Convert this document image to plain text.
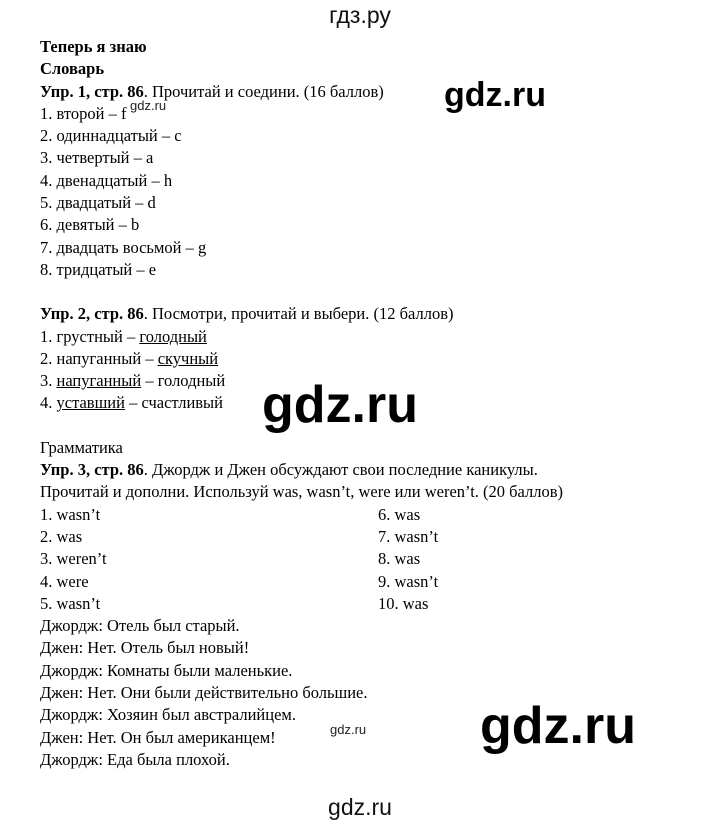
гдз.ру
Теперь я знаю
Словарь
Упр. 1, стр. 86. Прочитай и соедини. (16 баллов)
1. второй – f
2. одиннадцатый – c
3. четвертый – a
4. двенадцатый – h
5. двадцатый – d
6. девятый – b
7. двадцать восьмой – g
8. тридцатый – e
Упр. 2, стр. 86. Посмотри, прочитай и выбери. (12 баллов)
1. грустный – голодный
2. напуганный – скучный
3. напуганный – голодный
4. уставший – счастливый
Грамматика
Упр. 3, стр. 86. Джордж и Джен обсуждают свои последние каникулы.
Прочитай и дополни. Используй was, wasn’t, were или weren’t. (20 баллов)
1. wasn’t	6. was
2. was	7. wasn’t
3. weren’t	8. was
4. were	9. wasn’t
5. wasn’t	10. was
Джордж: Отель был старый.
Джен: Нет. Отель был новый!
Джордж: Комнаты были маленькие.
Джен: Нет. Они были действительно большие.
Джордж: Хозяин был австралийцем.
Джен: Нет. Он был американцем!
Джордж: Еда была плохой.
gdz.ru
gdz.ru
gdz.ru
gdz.ru
gdz.ru
gdz.ru
